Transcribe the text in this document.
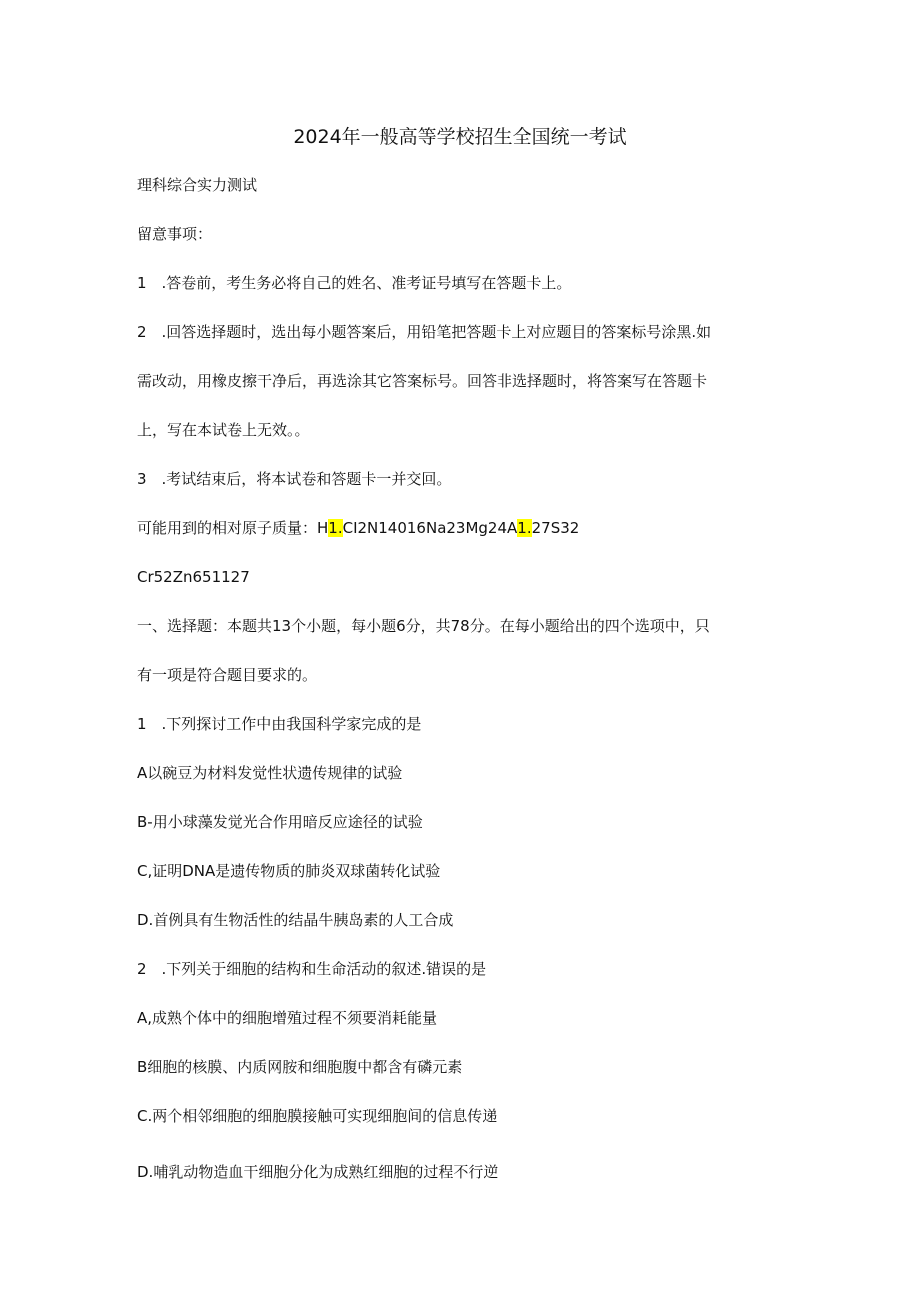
2024年一般高等学校招生全国统一考试
理科综合实力测试
留意事项：
1　.答卷前，考生务必将自己的姓名、准考证号填写在答题卡上。
2　.回答选择题时，选出每小题答案后，用铅笔把答题卡上对应题目的答案标号涂黑.如
需改动，用橡皮擦干净后，再选涂其它答案标号。回答非选择题时，将答案写在答题卡
上，写在本试卷上无效。。
3　.考试结束后，将本试卷和答题卡一并交回。
可能用到的相对原子质量：H1.CI2N14016Na23Mg24A1.27S32
Cr52Zn651127
一、选择题：本题共13个小题，每小题6分，共78分。在每小题给出的四个选项中，只
有一项是符合题目要求的。
1　.下列探讨工作中由我国科学家完成的是
A以碗豆为材料发觉性状遗传规律的试验
B-用小球藻发觉光合作用暗反应途径的试验
C,证明DNA是遗传物质的肺炎双球菌转化试验
D.首例具有生物活性的结晶牛胰岛素的人工合成
2　.下列关于细胞的结构和生命活动的叙述.错误的是
A,成熟个体中的细胞增殖过程不须要消耗能量
B细胞的核膜、内质网胺和细胞腹中都含有磷元素
C.两个相邻细胞的细胞膜接触可实现细胞间的信息传递
D.哺乳动物造血干细胞分化为成熟红细胞的过程不行逆
